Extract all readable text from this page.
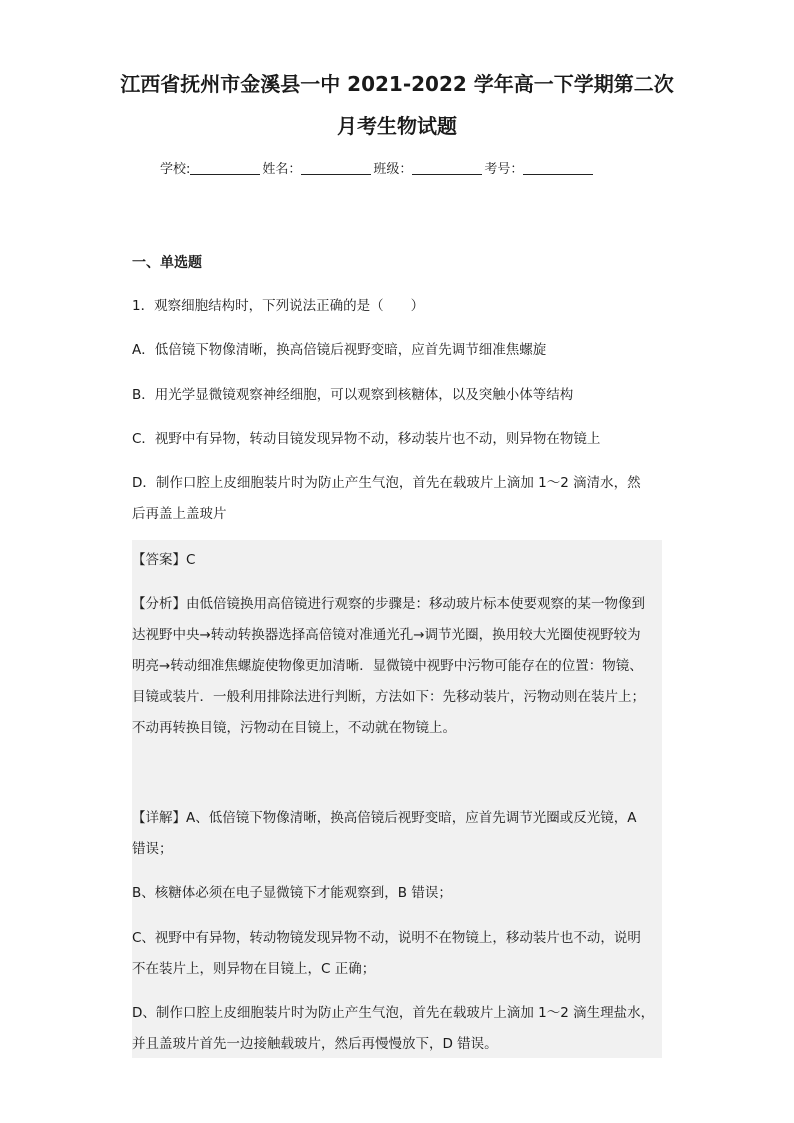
江西省抚州市金溪县一中 2021-2022 学年高一下学期第二次
月考生物试题
学校:	姓名：	班级：	考号：
一、单选题
1．观察细胞结构时，下列说法正确的是（　　）
A．低倍镜下物像清晰，换高倍镜后视野变暗，应首先调节细准焦螺旋
B．用光学显微镜观察神经细胞，可以观察到核糖体，以及突触小体等结构
C．视野中有异物，转动目镜发现异物不动，移动装片也不动，则异物在物镜上
D．制作口腔上皮细胞装片时为防止产生气泡，首先在载玻片上滴加 1～2 滴清水，然
后再盖上盖玻片
【答案】C
【分析】由低倍镜换用高倍镜进行观察的步骤是：移动玻片标本使要观察的某一物像到
达视野中央→转动转换器选择高倍镜对准通光孔→调节光圈，换用较大光圈使视野较为
明亮→转动细准焦螺旋使物像更加清晰．显微镜中视野中污物可能存在的位置：物镜、
目镜或装片．一般利用排除法进行判断，方法如下：先移动装片，污物动则在装片上；
不动再转换目镜，污物动在目镜上，不动就在物镜上。
【详解】A、低倍镜下物像清晰，换高倍镜后视野变暗，应首先调节光圈或反光镜，A
错误；
B、核糖体必须在电子显微镜下才能观察到，B 错误；
C、视野中有异物，转动物镜发现异物不动，说明不在物镜上，移动装片也不动，说明
不在装片上，则异物在目镜上，C 正确；
D、制作口腔上皮细胞装片时为防止产生气泡，首先在载玻片上滴加 1～2 滴生理盐水，
并且盖玻片首先一边接触载玻片，然后再慢慢放下，D 错误。
